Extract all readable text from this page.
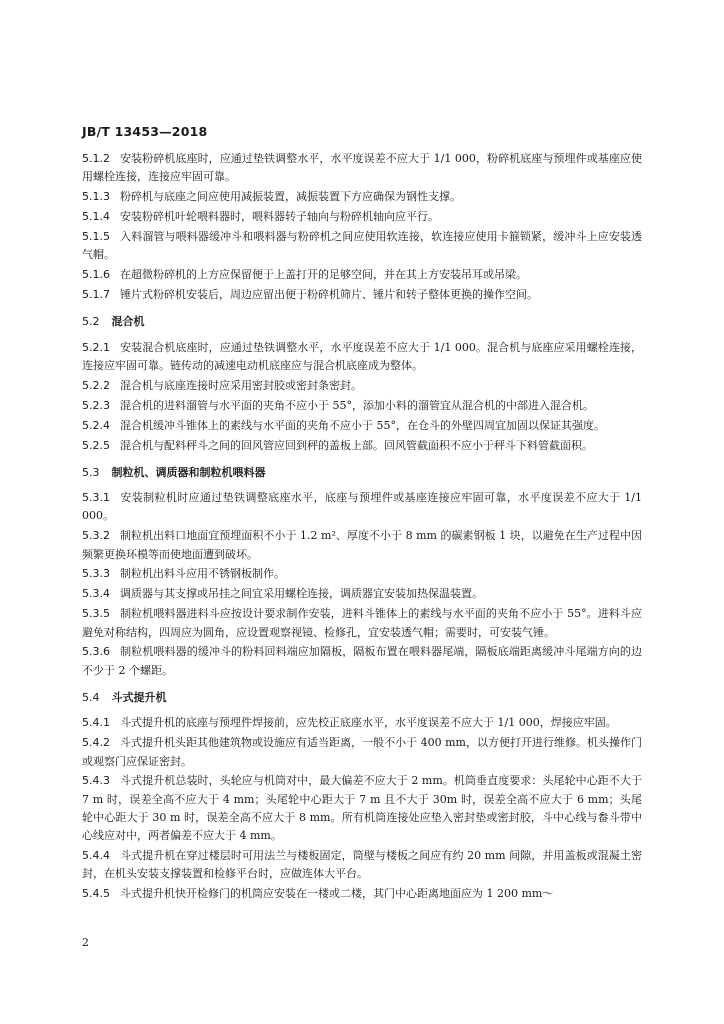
JB/T 13453—2018

5.1.2 安装粉碎机底座时，应通过垫铁调整水平，水平度误差不应大于 1/1 000，粉碎机底座与预埋件或基座应使用螺栓连接，连接应牢固可靠。

5.1.3 粉碎机与底座之间应使用减振装置，减振装置下方应确保为钢性支撑。

5.1.4 安装粉碎机叶轮喂料器时，喂料器转子轴向与粉碎机轴向应平行。

5.1.5 入料溜管与喂料器缓冲斗和喂料器与粉碎机之间应使用软连接，软连接应使用卡箍锁紧，缓冲斗上应安装透气帽。

5.1.6 在超微粉碎机的上方应保留便于上盖打开的足够空间，并在其上方安装吊耳或吊梁。

5.1.7 锤片式粉碎机安装后，周边应留出便于粉碎机筛片、锤片和转子整体更换的操作空间。

5.2 混合机

5.2.1 安装混合机底座时，应通过垫铁调整水平，水平度误差不应大于 1/1 000。混合机与底座应采用螺栓连接，连接应牢固可靠。链传动的减速电动机底座应与混合机底座成为整体。

5.2.2 混合机与底座连接时应采用密封胶或密封条密封。

5.2.3 混合机的进料溜管与水平面的夹角不应小于 55°，添加小料的溜管宜从混合机的中部进入混合机。

5.2.4 混合机缓冲斗锥体上的素线与水平面的夹角不应小于 55°，在仓斗的外壁四周宜加固以保证其强度。

5.2.5 混合机与配料秤斗之间的回风管应回到秤的盖板上部。回风管截面积不应小于秤斗下料管截面积。

5.3 制粒机、调质器和制粒机喂料器

5.3.1 安装制粒机时应通过垫铁调整底座水平，底座与预埋件或基座连接应牢固可靠，水平度误差不应大于 1/1 000。

5.3.2 制粒机出料口地面宜预埋面积不小于 1.2 m²、厚度不小于 8 mm 的碳素钢板 1 块，以避免在生产过程中因频繁更换环模等而使地面遭到破坏。

5.3.3 制粒机出料斗应用不锈钢板制作。

5.3.4 调质器与其支撑或吊挂之间宜采用螺栓连接，调质器宜安装加热保温装置。

5.3.5 制粒机喂料器进料斗应按设计要求制作安装，进料斗锥体上的素线与水平面的夹角不应小于 55°。进料斗应避免对称结构，四周应为圆角，应设置观察视镜、检修孔，宜安装透气帽；需要时，可安装气锤。

5.3.6 制粒机喂料器的缓冲斗的粉料回料端应加隔板，隔板布置在喂料器尾端，隔板底端距离缓冲斗尾端方向的边不少于 2 个螺距。

5.4 斗式提升机

5.4.1 斗式提升机的底座与预埋件焊接前，应先校正底座水平，水平度误差不应大于 1/1 000，焊接应牢固。

5.4.2 斗式提升机头距其他建筑物或设施应有适当距离，一般不小于 400 mm，以方便打开进行维修。机头操作门或观察门应保证密封。

5.4.3 斗式提升机总装时，头轮应与机筒对中，最大偏差不应大于 2 mm。机筒垂直度要求：头尾轮中心距不大于 7 m 时，误差全高不应大于 4 mm；头尾轮中心距大于 7 m 且不大于 30m 时，误差全高不应大于 6 mm；头尾轮中心距大于 30 m 时，误差全高不应大于 8 mm。所有机筒连接处应垫入密封垫或密封胶，斗中心线与畚斗带中心线应对中，两者偏差不应大于 4 mm。

5.4.4 斗式提升机在穿过楼层时可用法兰与楼板固定，筒壁与楼板之间应有约 20 mm 间隙，并用盖板或混凝土密封，在机头安装支撑装置和检修平台时，应做连体大平台。

5.4.5 斗式提升机快开检修门的机筒应安装在一楼或二楼，其门中心距离地面应为 1 200 mm～

2
